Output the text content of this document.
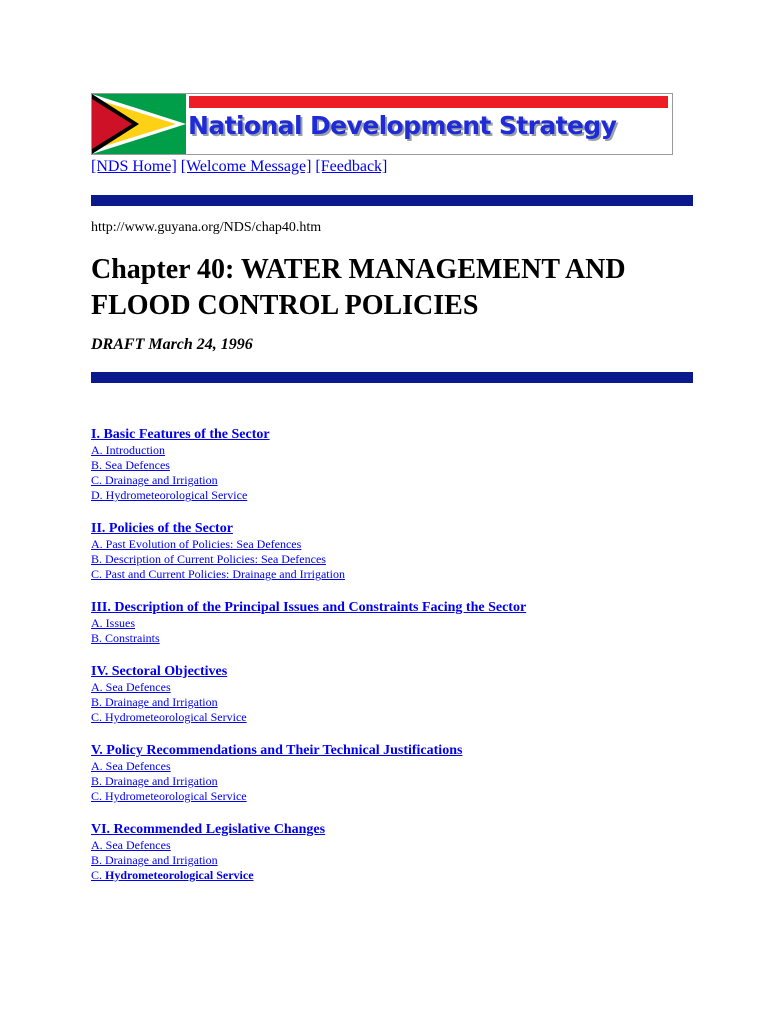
National Development Strategy
[NDS Home] [Welcome Message] [Feedback]
http://www.guyana.org/NDS/chap40.htm
Chapter 40: WATER MANAGEMENT AND FLOOD CONTROL POLICIES
DRAFT March 24, 1996
I. Basic Features of the Sector
A. Introduction
B. Sea Defences
C. Drainage and Irrigation
D. Hydrometeorological Service
II. Policies of the Sector
A. Past Evolution of Policies: Sea Defences
B. Description of Current Policies: Sea Defences
C. Past and Current Policies: Drainage and Irrigation
III. Description of the Principal Issues and Constraints Facing the Sector
A. Issues
B. Constraints
IV. Sectoral Objectives
A. Sea Defences
B. Drainage and Irrigation
C. Hydrometeorological Service
V. Policy Recommendations and Their Technical Justifications
A. Sea Defences
B. Drainage and Irrigation
C. Hydrometeorological Service
VI. Recommended Legislative Changes
A. Sea Defences
B. Drainage and Irrigation
C. Hydrometeorological Service
